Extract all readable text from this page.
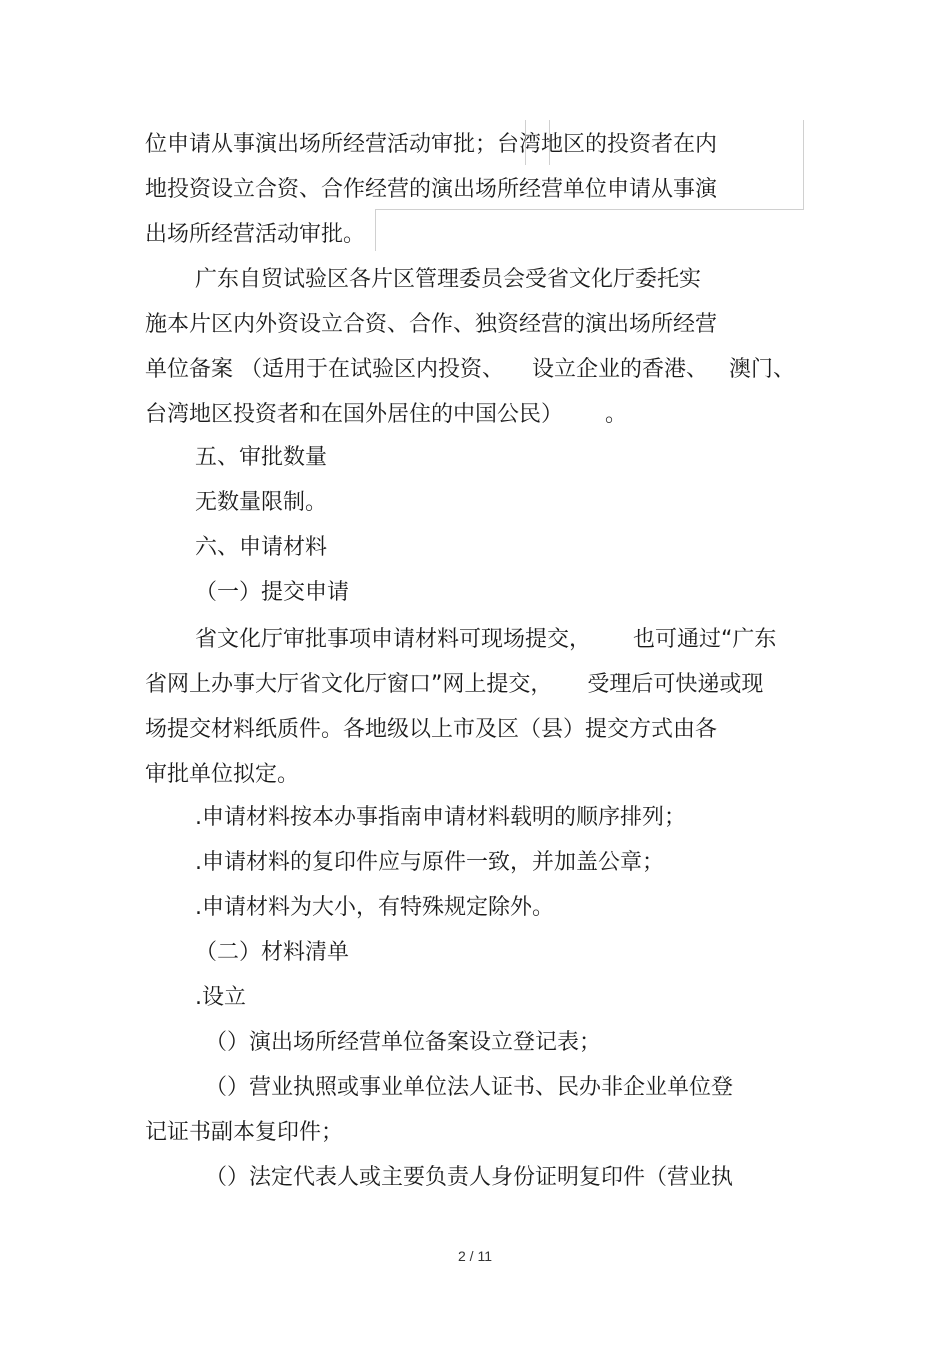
位申请从事演出场所经营活动审批；台湾地区的投资者在内

地投资设立合资、合作经营的演出场所经营单位申请从事演

出场所经营活动审批。

广东自贸试验区各片区管理委员会受省文化厅委托实

施本片区内外资设立合资、合作、独资经营的演出场所经营

单位备案 （适用于在试验区内投资、    设立企业的香港、   澳门、

台湾地区投资者和在国外居住的中国公民）      。

五、审批数量

无数量限制。

六、申请材料

（一）提交申请

省文化厅审批事项申请材料可现场提交，      也可通过“广东

省网上办事大厅省文化厅窗口”网上提交，     受理后可快递或现

场提交材料纸质件。各地级以上市及区（县）提交方式由各

审批单位拟定。

.申请材料按本办事指南申请材料载明的顺序排列；

.申请材料的复印件应与原件一致，并加盖公章；

.申请材料为大小，有特殊规定除外。

（二）材料清单

.设立

（）演出场所经营单位备案设立登记表；

（）营业执照或事业单位法人证书、民办非企业单位登

记证书副本复印件；

（）法定代表人或主要负责人身份证明复印件（营业执

2 / 11
